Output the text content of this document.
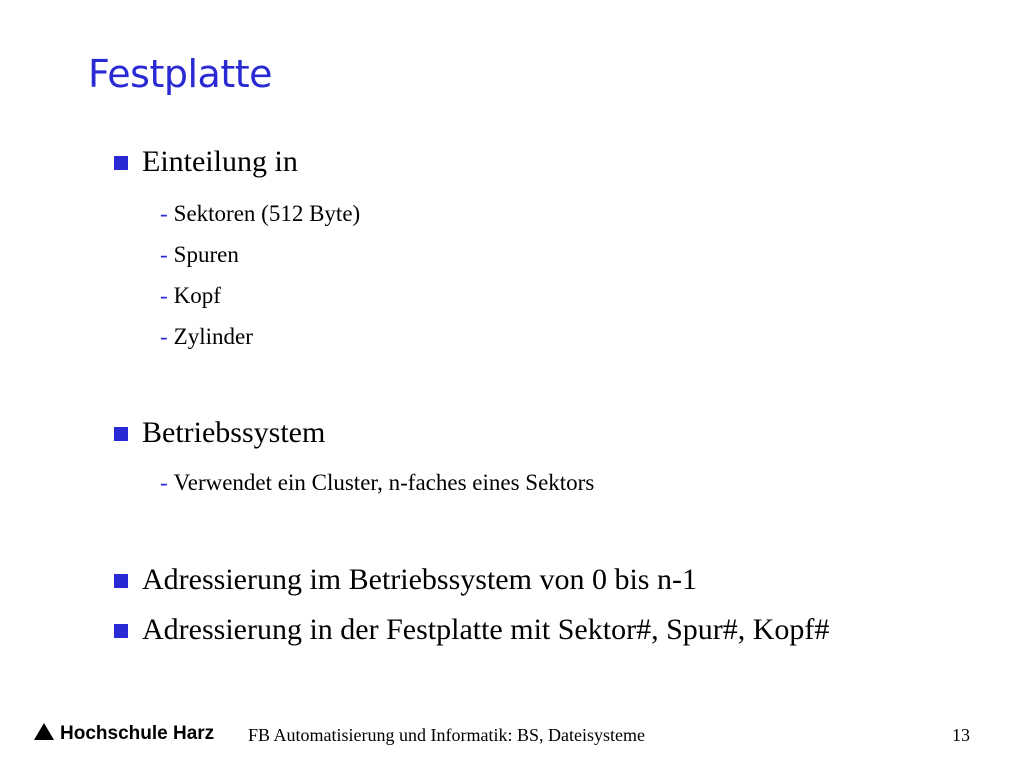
Festplatte
Einteilung in
- Sektoren (512 Byte)
- Spuren
- Kopf
- Zylinder
Betriebssystem
- Verwendet ein Cluster, n-faches eines Sektors
Adressierung im Betriebssystem von 0 bis n-1
Adressierung in der Festplatte mit Sektor#, Spur#, Kopf#
Hochschule Harz FB Automatisierung und Informatik: BS, Dateisysteme	13
